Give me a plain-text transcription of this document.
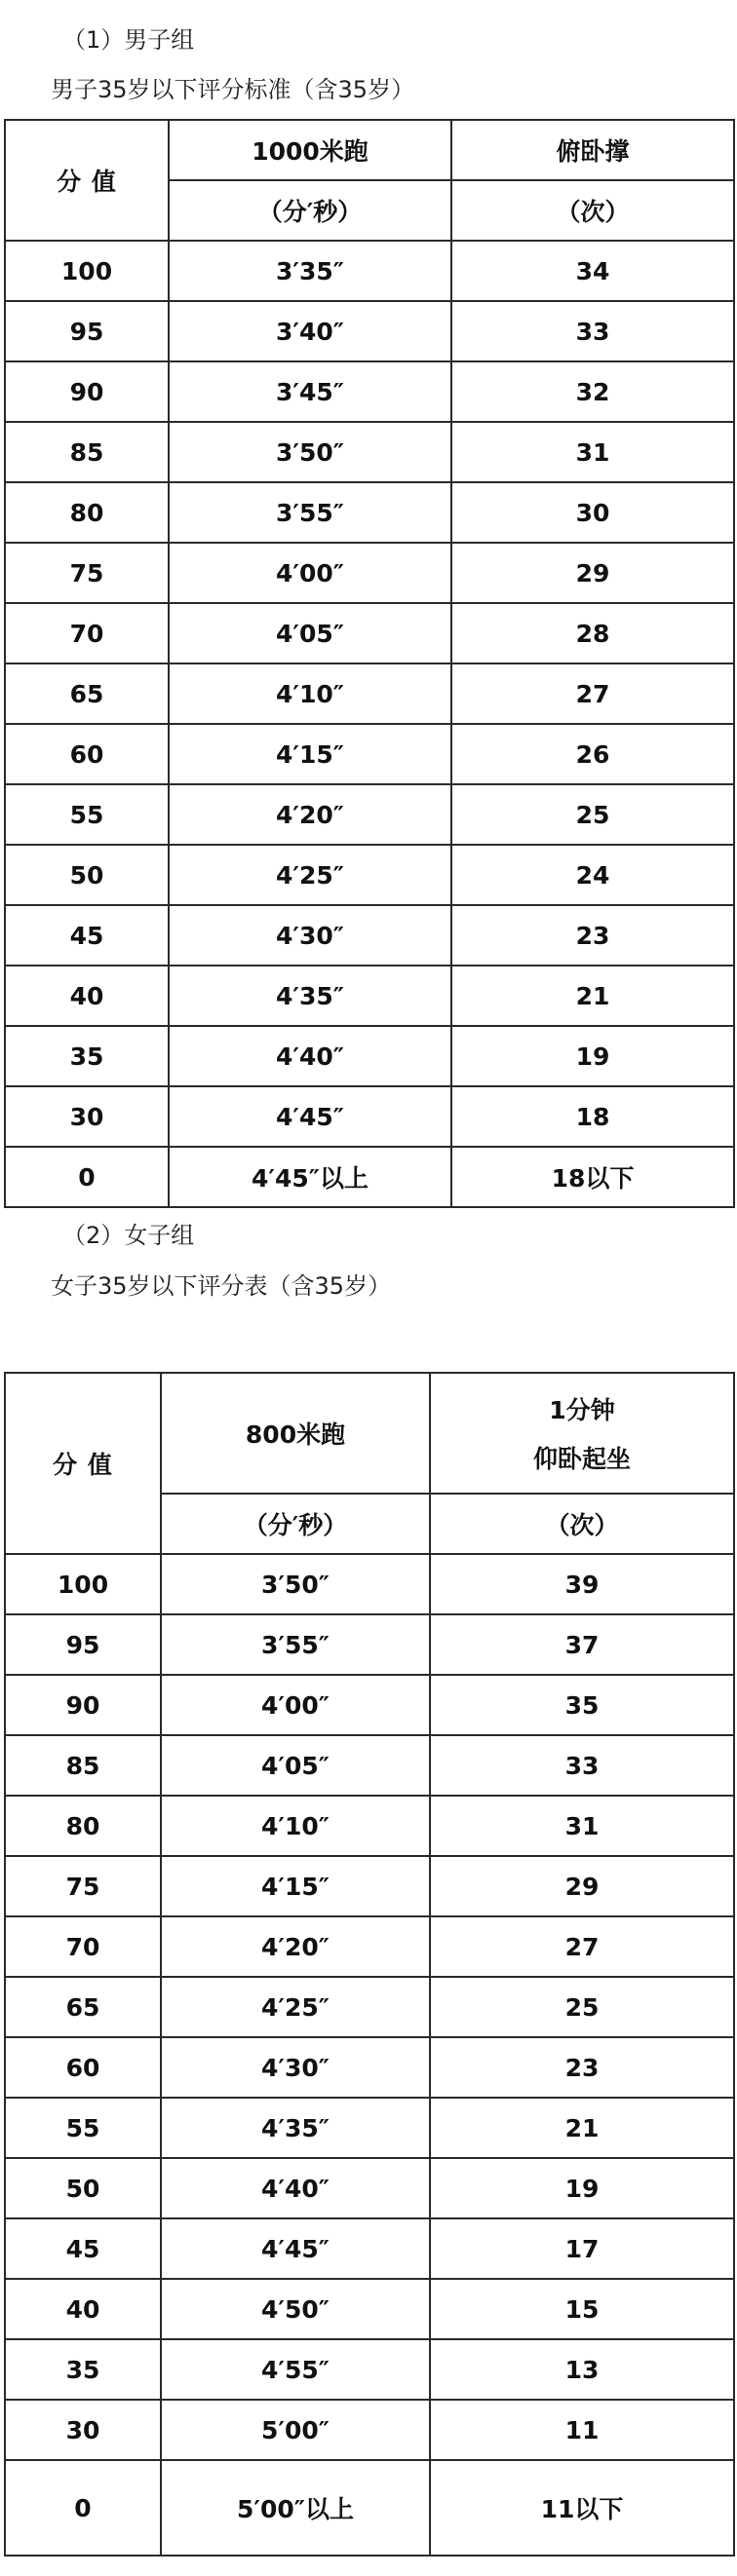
（1）男子组

男子35岁以下评分标准（含35岁）

分 值	1000米跑	俯卧撑
	（分′秒）	（次）
100	3′35″	34
95	3′40″	33
90	3′45″	32
85	3′50″	31
80	3′55″	30
75	4′00″	29
70	4′05″	28
65	4′10″	27
60	4′15″	26
55	4′20″	25
50	4′25″	24
45	4′30″	23
40	4′35″	21
35	4′40″	19
30	4′45″	18
0	4′45″以上	18以下

（2）女子组

女子35岁以下评分表（含35岁）

分 值	800米跑	1分钟
仰卧起坐

	（分′秒）	（次）
100	3′50″	39
95	3′55″	37
90	4′00″	35
85	4′05″	33
80	4′10″	31
75	4′15″	29
70	4′20″	27
65	4′25″	25
60	4′30″	23
55	4′35″	21
50	4′40″	19
45	4′45″	17
40	4′50″	15
35	4′55″	13
30	5′00″	11
0	5′00″以上	11以下
